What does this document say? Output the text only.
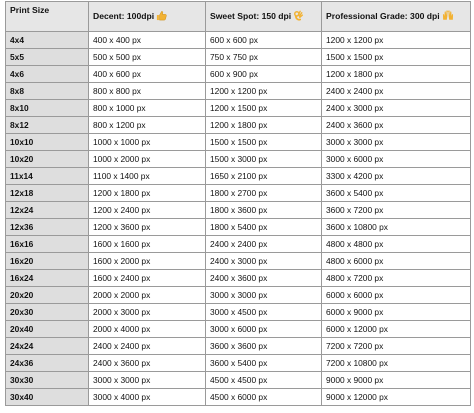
Print Size	Decent: 100dpi	Sweet Spot: 150 dpi	Professional Grade: 300 dpi
4x4	400 x 400 px	600 x 600 px	1200 x 1200 px
5x5	500 x 500 px	750 x 750 px	1500 x 1500 px
4x6	400 x 600 px	600 x 900 px	1200 x 1800 px
8x8	800 x 800 px	1200 x 1200 px	2400 x 2400 px
8x10	800 x 1000 px	1200 x 1500 px	2400 x 3000 px
8x12	800 x 1200 px	1200 x 1800 px	2400 x 3600 px
10x10	1000 x 1000 px	1500 x 1500 px	3000 x 3000 px
10x20	1000 x 2000 px	1500 x 3000 px	3000 x 6000 px
11x14	1100 x 1400 px	1650 x 2100 px	3300 x 4200 px
12x18	1200 x 1800 px	1800 x 2700 px	3600 x 5400 px
12x24	1200 x 2400 px	1800 x 3600 px	3600 x 7200 px
12x36	1200 x 3600 px	1800 x 5400 px	3600 x 10800 px
16x16	1600 x 1600 px	2400 x 2400 px	4800 x 4800 px
16x20	1600 x 2000 px	2400 x 3000 px	4800 x 6000 px
16x24	1600 x 2400 px	2400 x 3600 px	4800 x 7200 px
20x20	2000 x 2000 px	3000 x 3000 px	6000 x 6000 px
20x30	2000 x 3000 px	3000 x 4500 px	6000 x 9000 px
20x40	2000 x 4000 px	3000 x 6000 px	6000 x 12000 px
24x24	2400 x 2400 px	3600 x 3600 px	7200 x 7200 px
24x36	2400 x 3600 px	3600 x 5400 px	7200 x 10800 px
30x30	3000 x 3000 px	4500 x 4500 px	9000 x 9000 px
30x40	3000 x 4000 px	4500 x 6000 px	9000 x 12000 px
